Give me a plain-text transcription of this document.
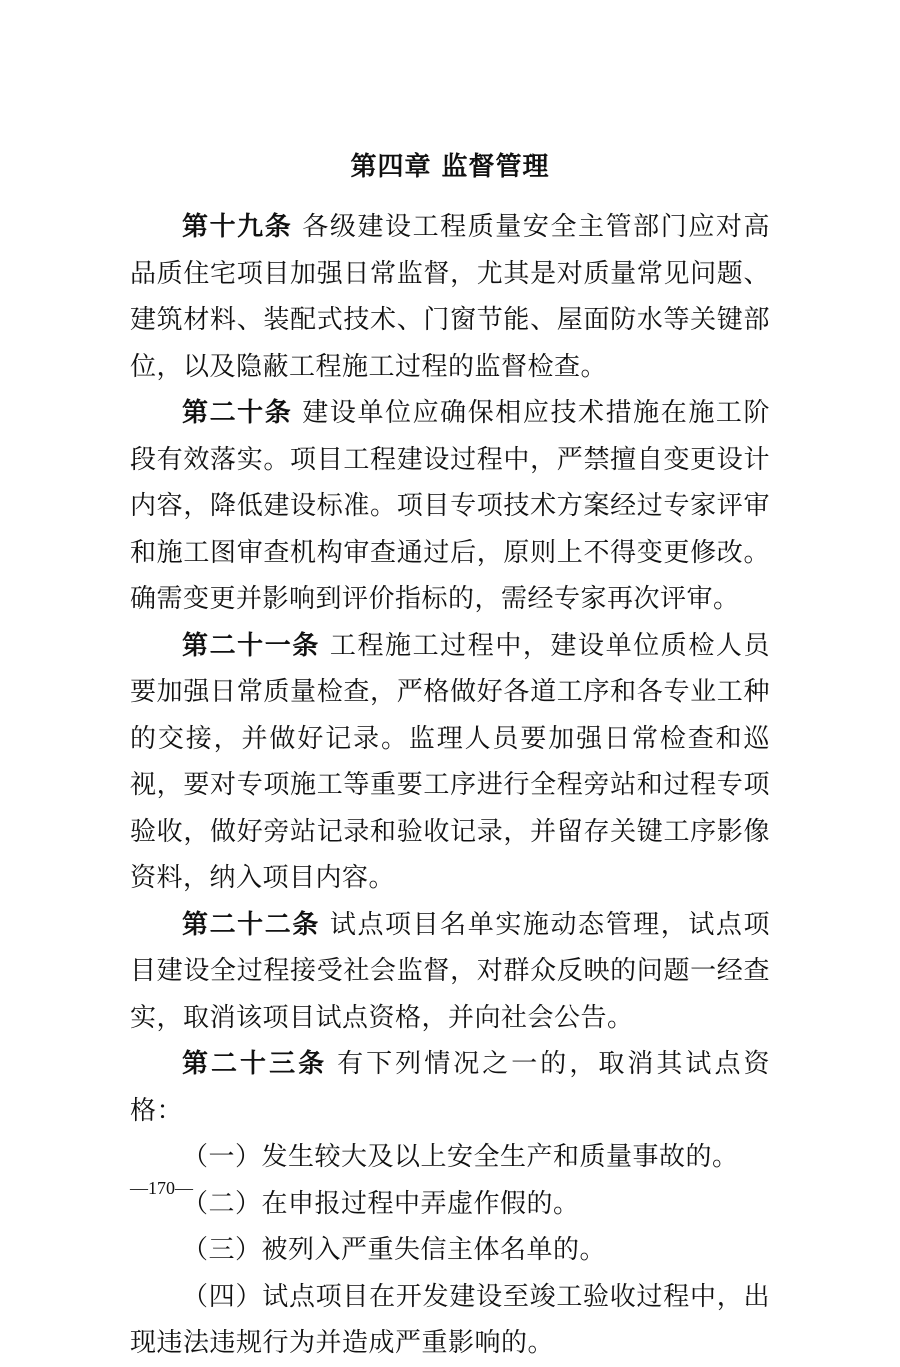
第四章 监督管理

第十九条 各级建设工程质量安全主管部门应对高品质住宅项目加强日常监督，尤其是对质量常见问题、建筑材料、装配式技术、门窗节能、屋面防水等关键部位，以及隐蔽工程施工过程的监督检查。

第二十条 建设单位应确保相应技术措施在施工阶段有效落实。项目工程建设过程中，严禁擅自变更设计内容，降低建设标准。项目专项技术方案经过专家评审和施工图审查机构审查通过后，原则上不得变更修改。确需变更并影响到评价指标的，需经专家再次评审。

第二十一条 工程施工过程中，建设单位质检人员要加强日常质量检查，严格做好各道工序和各专业工种的交接，并做好记录。监理人员要加强日常检查和巡视，要对专项施工等重要工序进行全程旁站和过程专项验收，做好旁站记录和验收记录，并留存关键工序影像资料，纳入项目内容。

第二十二条 试点项目名单实施动态管理，试点项目建设全过程接受社会监督，对群众反映的问题一经查实，取消该项目试点资格，并向社会公告。

第二十三条 有下列情况之一的，取消其试点资格：

（一）发生较大及以上安全生产和质量事故的。

（二）在申报过程中弄虚作假的。

（三）被列入严重失信主体名单的。

（四）试点项目在开发建设至竣工验收过程中，出现违法违规行为并造成严重影响的。

—170—
